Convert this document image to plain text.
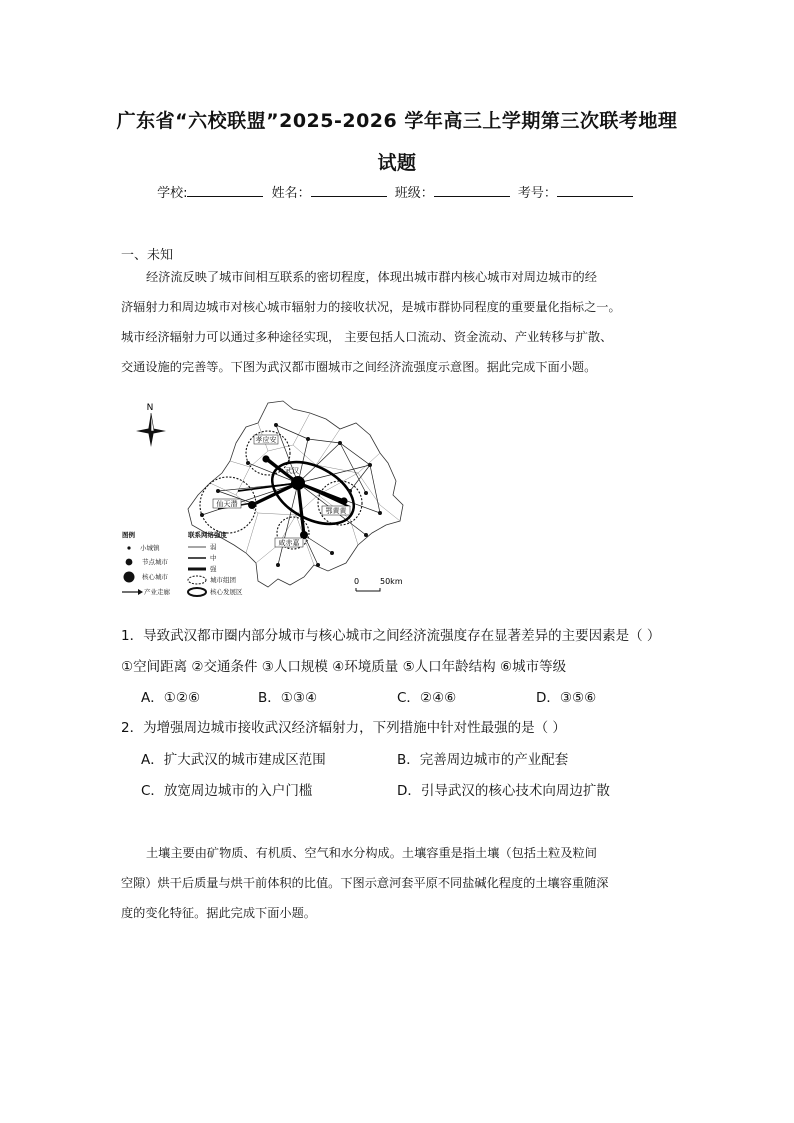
广东省“六校联盟”2025-2026 学年高三上学期第三次联考地理
试题
学校:	姓名：	班级：	考号：
一、未知
经济流反映了城市间相互联系的密切程度，体现出城市群内核心城市对周边城市的经
济辐射力和周边城市对核心城市辐射力的接收状况，是城市群协同程度的重要量化指标之一。
城市经济辐射力可以通过多种途径实现， 主要包括人口流动、资金流动、产业转移与扩散、
交通设施的完善等。下图为武汉都市圈城市之间经济流强度示意图。据此完成下面小题。
N
孝应安
武汉
仙天潜
鄂黄黄
咸赤嘉
图例
小城镇
节点城市
核心城市
产业走廊
联系网络强度
弱
中
强
城市组团
核心发展区
0	50km
1．导致武汉都市圈内部分城市与核心城市之间经济流强度存在显著差异的主要因素是（ ）
①空间距离 ②交通条件 ③人口规模 ④环境质量 ⑤人口年龄结构 ⑥城市等级
A．①②⑥	B．①③④	C．②④⑥	D．③⑤⑥
2．为增强周边城市接收武汉经济辐射力，下列措施中针对性最强的是（ ）
A．扩大武汉的城市建成区范围	B．完善周边城市的产业配套
C．放宽周边城市的入户门槛	D．引导武汉的核心技术向周边扩散
土壤主要由矿物质、有机质、空气和水分构成。土壤容重是指土壤（包括土粒及粒间
空隙）烘干后质量与烘干前体积的比值。下图示意河套平原不同盐碱化程度的土壤容重随深
度的变化特征。据此完成下面小题。
